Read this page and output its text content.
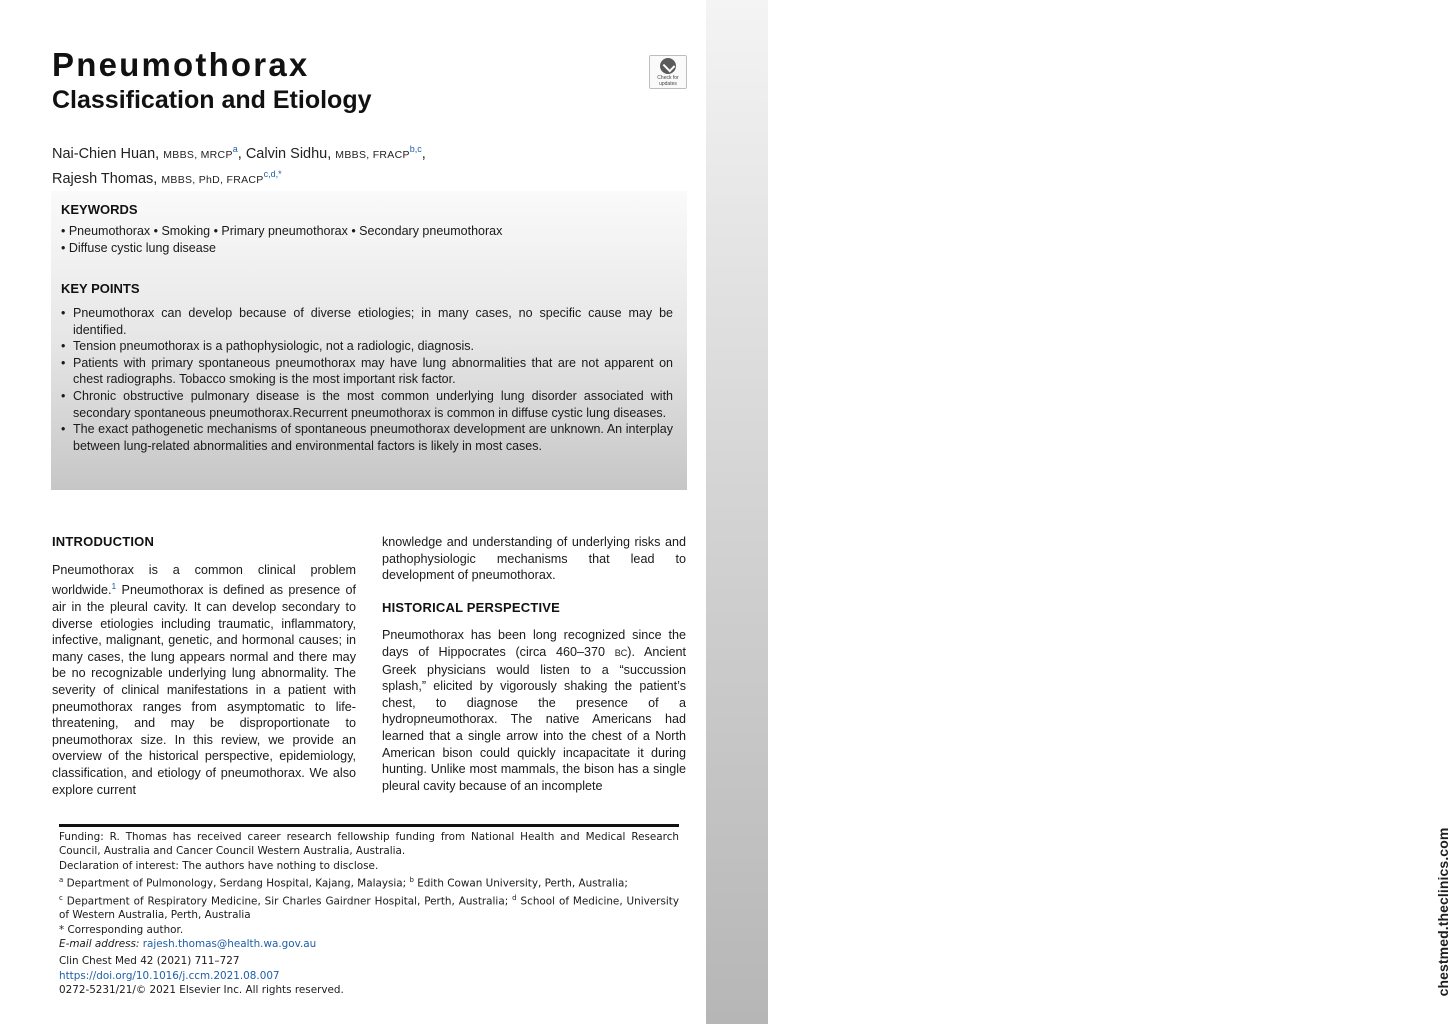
chestmed.theclinics.com
Pneumothorax
Classification and Etiology
Check for updates
Nai-Chien Huan, MBBS, MRCP$^a$, Calvin Sidhu, MBBS, FRACP$^{b,c}$,
Rajesh Thomas, MBBS, PhD, FRACP$^{c,d,*}$
KEYWORDS
• Pneumothorax • Smoking • Primary pneumothorax • Secondary pneumothorax
• Diffuse cystic lung disease
KEY POINTS
• Pneumothorax can develop because of diverse etiologies; in many cases, no specific cause may be identified.
• Tension pneumothorax is a pathophysiologic, not a radiologic, diagnosis.
• Patients with primary spontaneous pneumothorax may have lung abnormalities that are not apparent on chest radiographs. Tobacco smoking is the most important risk factor.
• Chronic obstructive pulmonary disease is the most common underlying lung disorder associated with secondary spontaneous pneumothorax.Recurrent pneumothorax is common in diffuse cystic lung diseases.
• The exact pathogenetic mechanisms of spontaneous pneumothorax development are unknown. An interplay between lung-related abnormalities and environmental factors is likely in most cases.
INTRODUCTION

Pneumothorax is a common clinical problem worldwide.$^1$ Pneumothorax is defined as presence of air in the pleural cavity. It can develop secondary to diverse etiologies including traumatic, inflammatory, infective, malignant, genetic, and hormonal causes; in many cases, the lung appears normal and there may be no recognizable underlying lung abnormality. The severity of clinical manifestations in a patient with pneumothorax ranges from asymptomatic to life-threatening, and may be disproportionate to pneumothorax size. In this review, we provide an overview of the historical perspective, epidemiology, classification, and etiology of pneumothorax. We also explore current

knowledge and understanding of underlying risks and pathophysiologic mechanisms that lead to development of pneumothorax.

HISTORICAL PERSPECTIVE

Pneumothorax has been long recognized since the days of Hippocrates (circa 460–370 BC). Ancient Greek physicians would listen to a “succussion splash,” elicited by vigorously shaking the patient’s chest, to diagnose the presence of a hydropneumothorax. The native Americans had learned that a single arrow into the chest of a North American bison could quickly incapacitate it during hunting. Unlike most mammals, the bison has a single pleural cavity because of an incomplete

Funding: R. Thomas has received career research fellowship funding from National Health and Medical Research Council, Australia and Cancer Council Western Australia, Australia.
Declaration of interest: The authors have nothing to disclose.
$^a$ Department of Pulmonology, Serdang Hospital, Kajang, Malaysia; $^b$ Edith Cowan University, Perth, Australia;
$^c$ Department of Respiratory Medicine, Sir Charles Gairdner Hospital, Perth, Australia; $^d$ School of Medicine, University of Western Australia, Perth, Australia
* Corresponding author.
E-mail address: rajesh.thomas@health.wa.gov.au
Clin Chest Med 42 (2021) 711–727
https://doi.org/10.1016/j.ccm.2021.08.007
0272-5231/21/© 2021 Elsevier Inc. All rights reserved.
